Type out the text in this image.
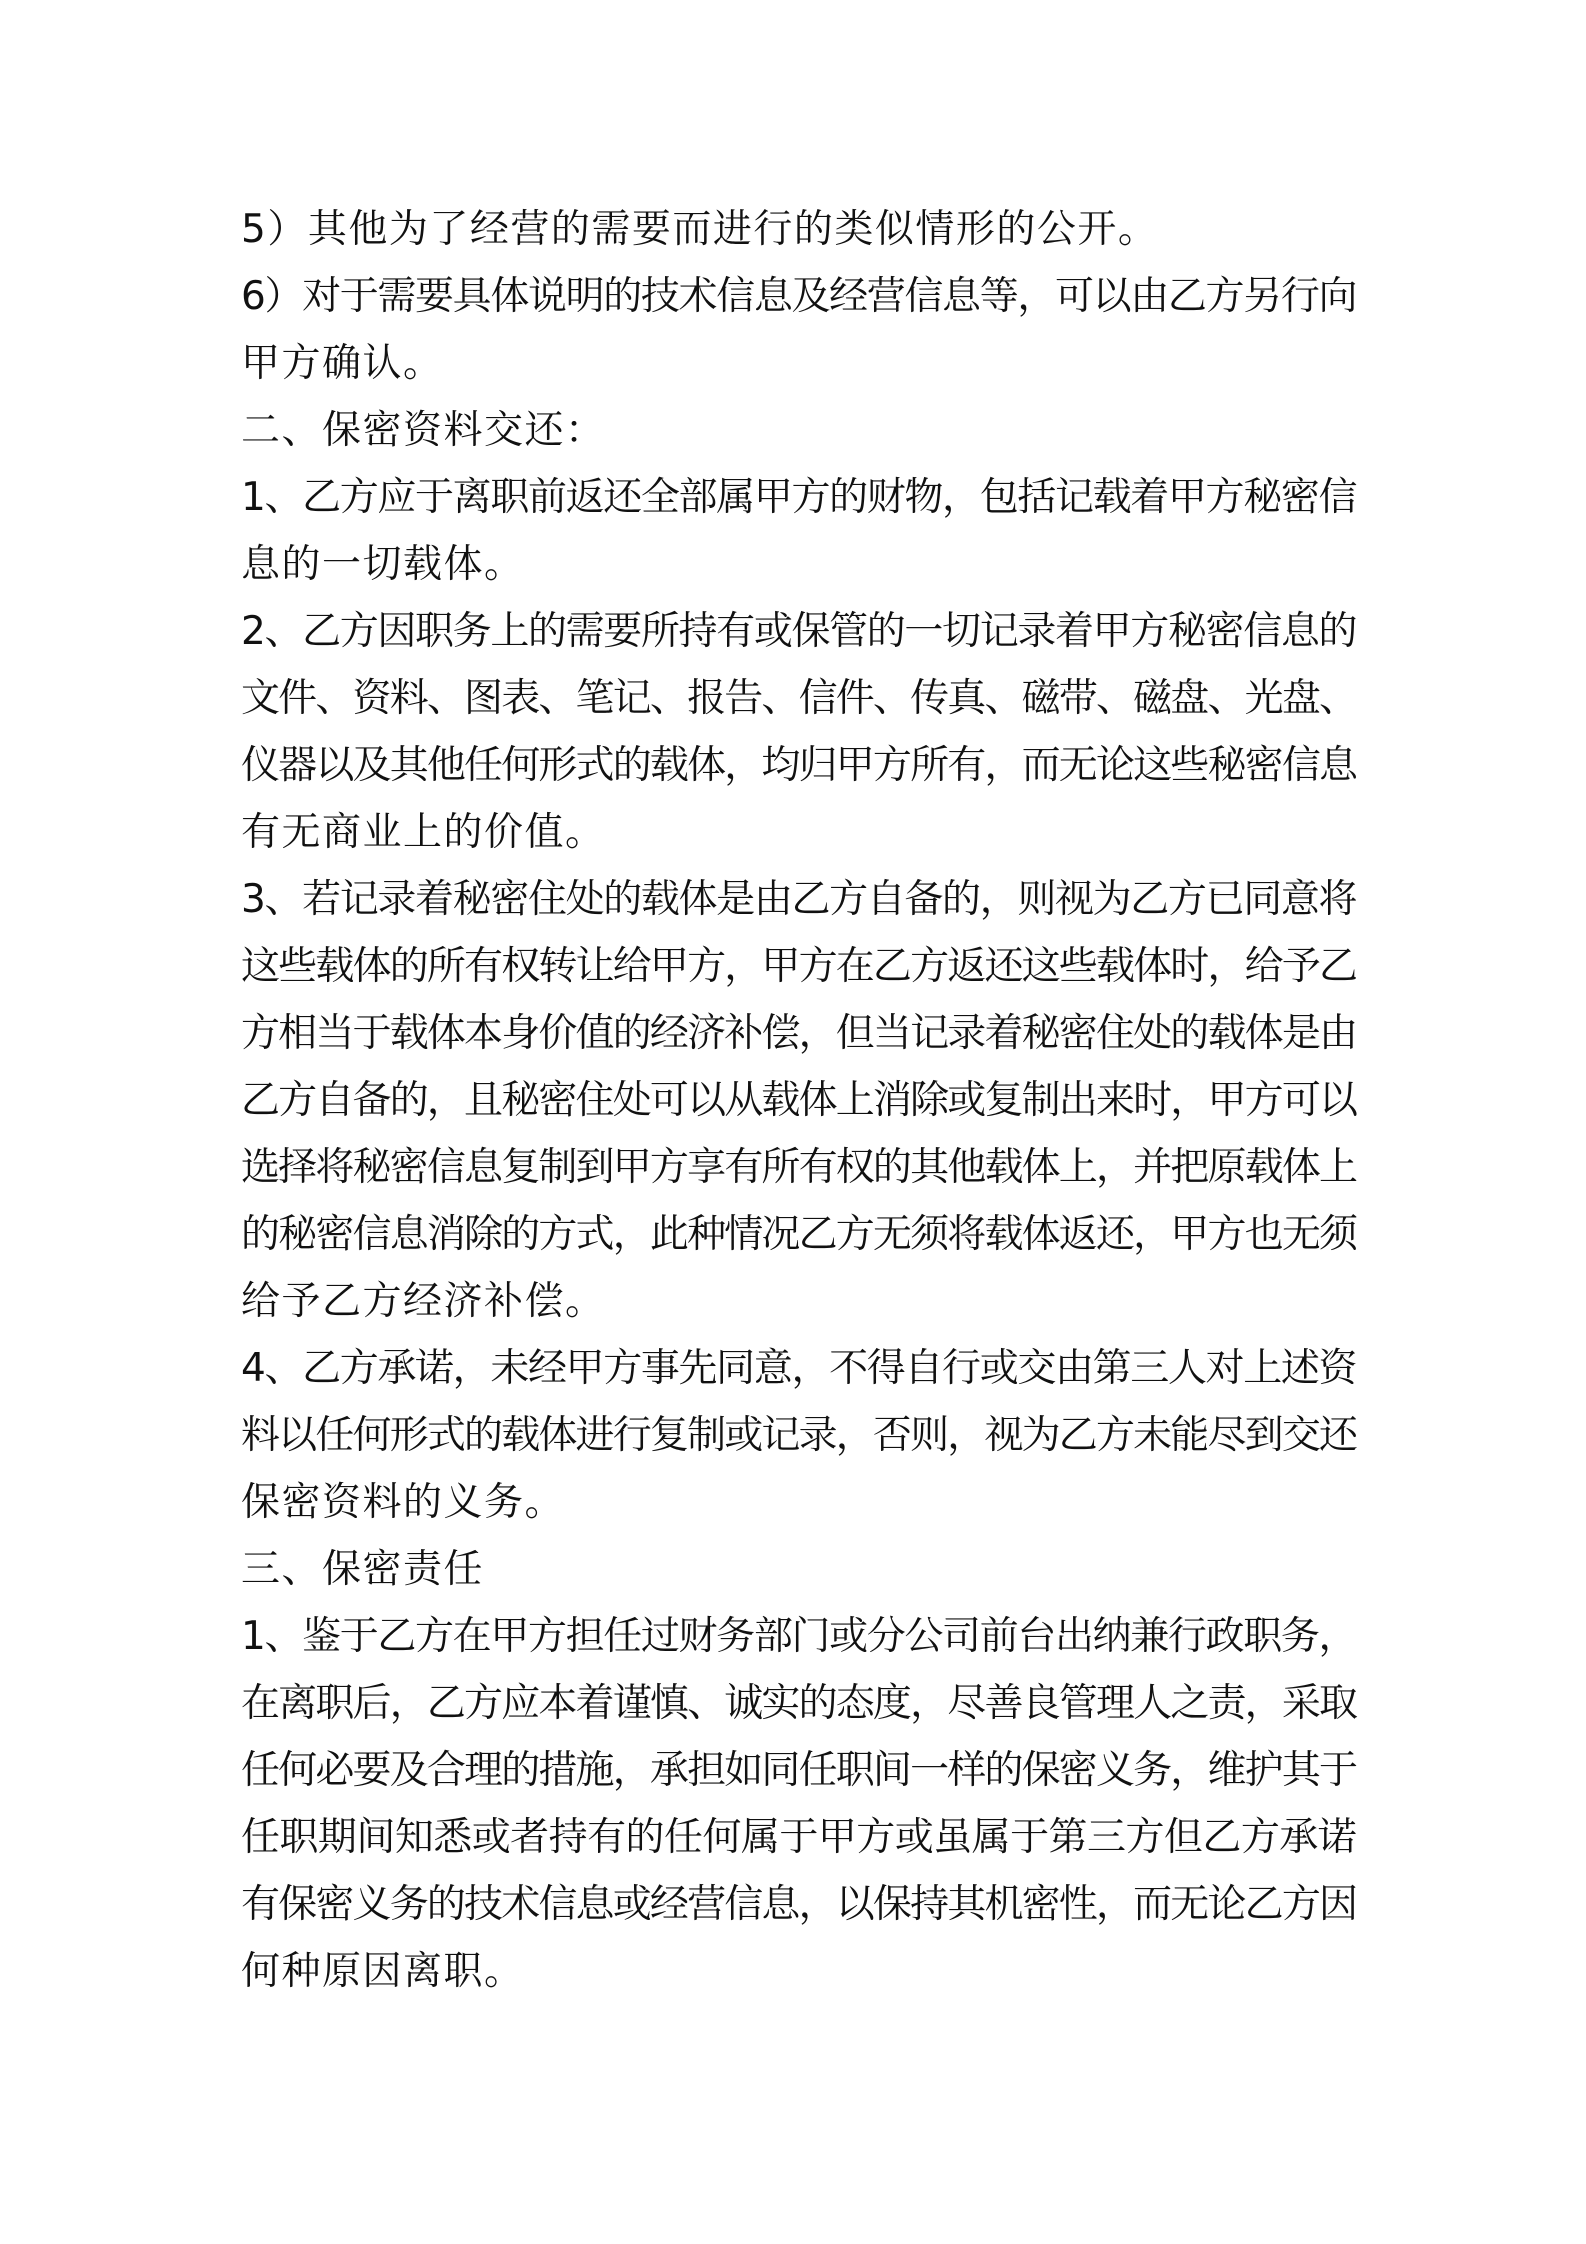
5）其他为了经营的需要而进行的类似情形的公开。
6）对于需要具体说明的技术信息及经营信息等，可以由乙方另行向
甲方确认。
二、保密资料交还：
1、乙方应于离职前返还全部属甲方的财物，包括记载着甲方秘密信
息的一切载体。
2、乙方因职务上的需要所持有或保管的一切记录着甲方秘密信息的
文件、资料、图表、笔记、报告、信件、传真、磁带、磁盘、光盘、
仪器以及其他任何形式的载体，均归甲方所有，而无论这些秘密信息
有无商业上的价值。
3、若记录着秘密住处的载体是由乙方自备的，则视为乙方已同意将
这些载体的所有权转让给甲方，甲方在乙方返还这些载体时，给予乙
方相当于载体本身价值的经济补偿，但当记录着秘密住处的载体是由
乙方自备的，且秘密住处可以从载体上消除或复制出来时，甲方可以
选择将秘密信息复制到甲方享有所有权的其他载体上，并把原载体上
的秘密信息消除的方式，此种情况乙方无须将载体返还，甲方也无须
给予乙方经济补偿。
4、乙方承诺，未经甲方事先同意，不得自行或交由第三人对上述资
料以任何形式的载体进行复制或记录，否则，视为乙方未能尽到交还
保密资料的义务。
三、保密责任
1、鉴于乙方在甲方担任过财务部门或分公司前台出纳兼行政职务，
在离职后，乙方应本着谨慎、诚实的态度，尽善良管理人之责，采取
任何必要及合理的措施，承担如同任职间一样的保密义务，维护其于
任职期间知悉或者持有的任何属于甲方或虽属于第三方但乙方承诺
有保密义务的技术信息或经营信息，以保持其机密性，而无论乙方因
何种原因离职。
